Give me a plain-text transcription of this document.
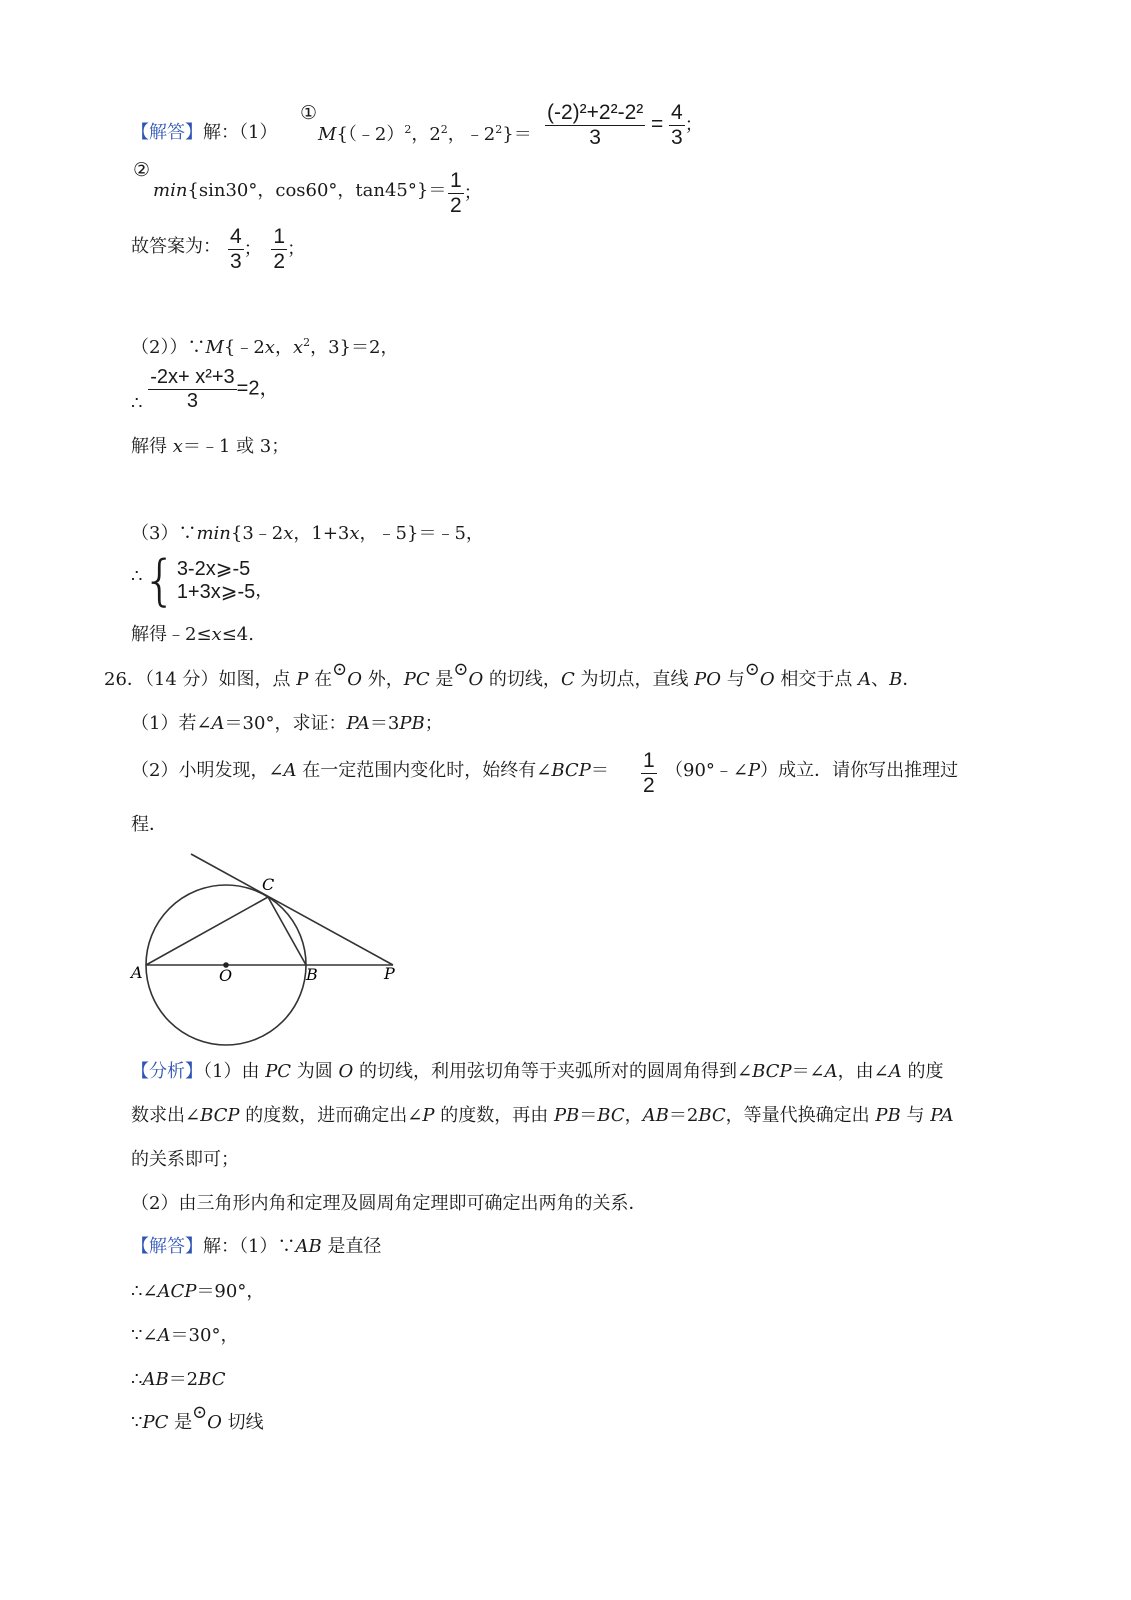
【解答】解：（1）
①
M{（﹣2）$^2$，$2^2$，$﹣2^2\}= \frac{\text{(-2)²+2²-2²}}{3} = \frac{4}{3}$ ；
②
min{sin30°，cos60°，$\tan 45^\circ\}= \frac{1}{2}$ ；
故答案为： $\frac{4}{3}$ ； $\frac{1}{2}$ ；
（2））∵M{﹣2x，$x^2$，3}＝2，
∴ $\frac{\text{-2x+ x²+3}}{3} =2$，
解得 x＝﹣1 或 3；
（3）∵min{3﹣2x，1+3x，﹣5}＝﹣5，
∴{ 3-2x⩾-5
1+3x⩾-5 ，
解得﹣2≤x≤4.
26．（14 分）如图，点 P 在⊙O 外，PC 是⊙O 的切线，C 为切点，直线 PO 与⊙O 相交于点 A、B．
（1）若∠A＝30°，求证：PA＝3PB；
（2）小明发现，∠A 在一定范围内变化时，始终有∠BCP＝ $\frac{1}{2}$ （90°﹣∠P）成立．请你写出推理过
程．
A	O	B	P
C
【分析】（1）由 PC 为圆 O 的切线，利用弦切角等于夹弧所对的圆周角得到∠BCP＝∠A，由∠A 的度
数求出∠BCP 的度数，进而确定出∠P 的度数，再由 PB＝BC，AB＝2BC，等量代换确定出 PB 与 PA
的关系即可；
（2）由三角形内角和定理及圆周角定理即可确定出两角的关系．
【解答】解：（1）∵AB 是直径
∴∠ACP＝90°，
∵∠A＝30°，
∴AB＝2BC
∵PC 是⊙O 切线
